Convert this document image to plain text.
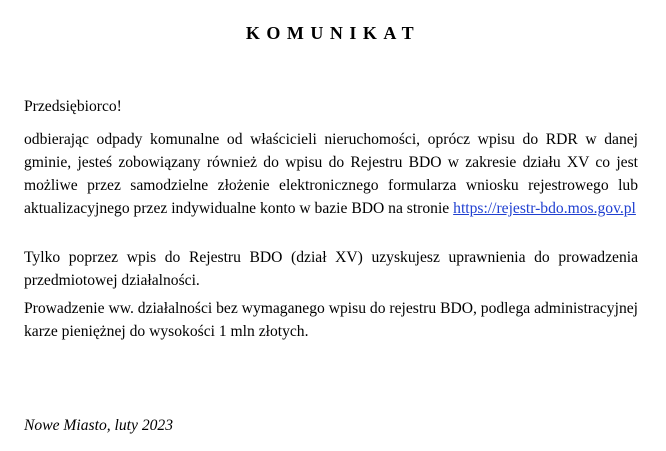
KOMUNIKAT

Przedsiębiorco!

odbierając odpady komunalne od właścicieli nieruchomości, oprócz wpisu do RDR w danej gminie, jesteś zobowiązany również do wpisu do Rejestru BDO w zakresie działu XV co jest możliwe przez samodzielne złożenie elektronicznego formularza wniosku rejestrowego lub aktualizacyjnego przez indywidualne konto w bazie BDO na stronie https://rejestr-bdo.mos.gov.pl

Tylko poprzez wpis do Rejestru BDO (dział XV) uzyskujesz uprawnienia do prowadzenia przedmiotowej działalności.

Prowadzenie ww. działalności bez wymaganego wpisu do rejestru BDO, podlega administracyjnej karze pieniężnej do wysokości 1 mln złotych.

Nowe Miasto, luty 2023
